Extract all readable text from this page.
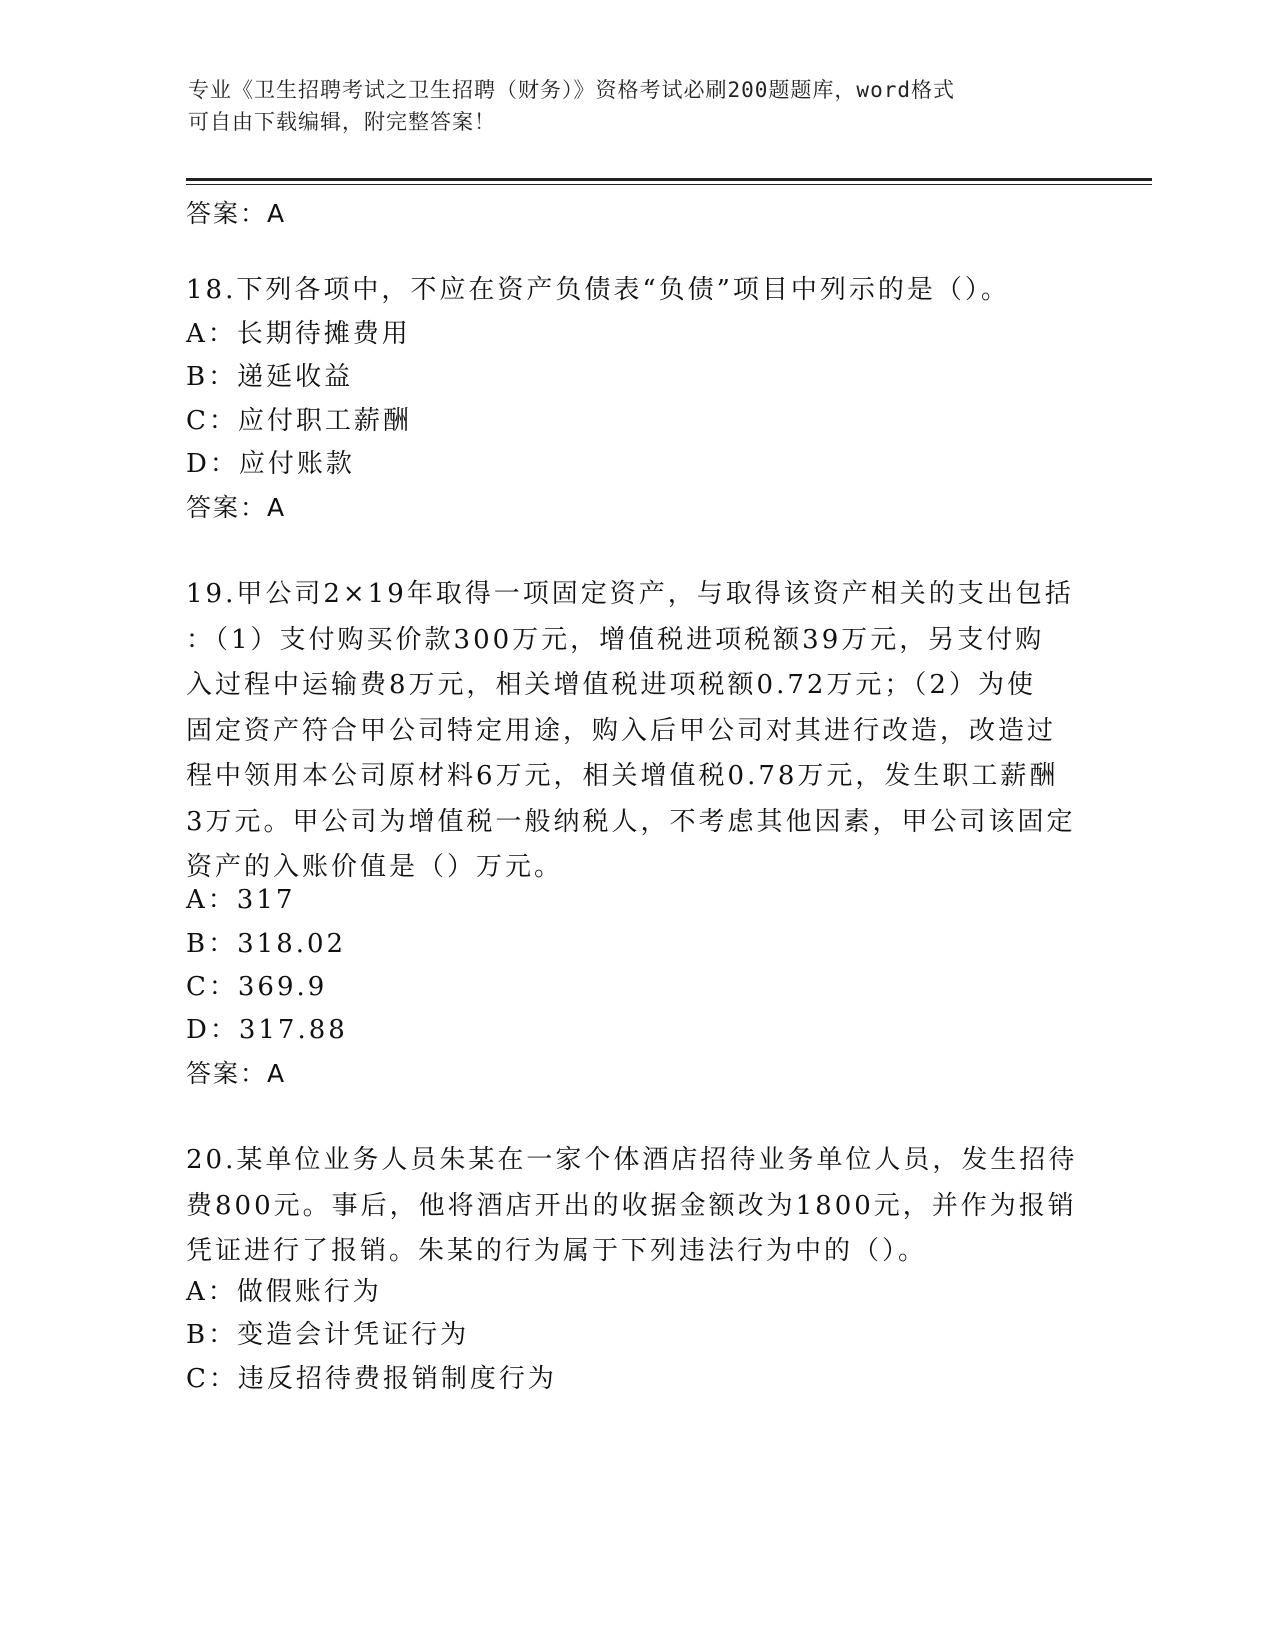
专业《卫生招聘考试之卫生招聘（财务）》资格考试必刷200题题库，word格式

可自由下载编辑，附完整答案！

答案：A

18.下列各项中，不应在资产负债表“负债”项目中列示的是（）。

A：长期待摊费用
B：递延收益
C：应付职工薪酬
D：应付账款
答案：A

19.甲公司2×19年取得一项固定资产，与取得该资产相关的支出包括

：（1）支付购买价款300万元，增值税进项税额39万元，另支付购

入过程中运输费8万元，相关增值税进项税额0.72万元；（2）为使

固定资产符合甲公司特定用途，购入后甲公司对其进行改造，改造过

程中领用本公司原材料6万元，相关增值税0.78万元，发生职工薪酬

3万元。甲公司为增值税一般纳税人，不考虑其他因素，甲公司该固定

资产的入账价值是（）万元。

A：317
B：318.02
C：369.9
D：317.88
答案：A

20.某单位业务人员朱某在一家个体酒店招待业务单位人员，发生招待

费800元。事后，他将酒店开出的收据金额改为1800元，并作为报销

凭证进行了报销。朱某的行为属于下列违法行为中的（）。

A：做假账行为
B：变造会计凭证行为
C：违反招待费报销制度行为
